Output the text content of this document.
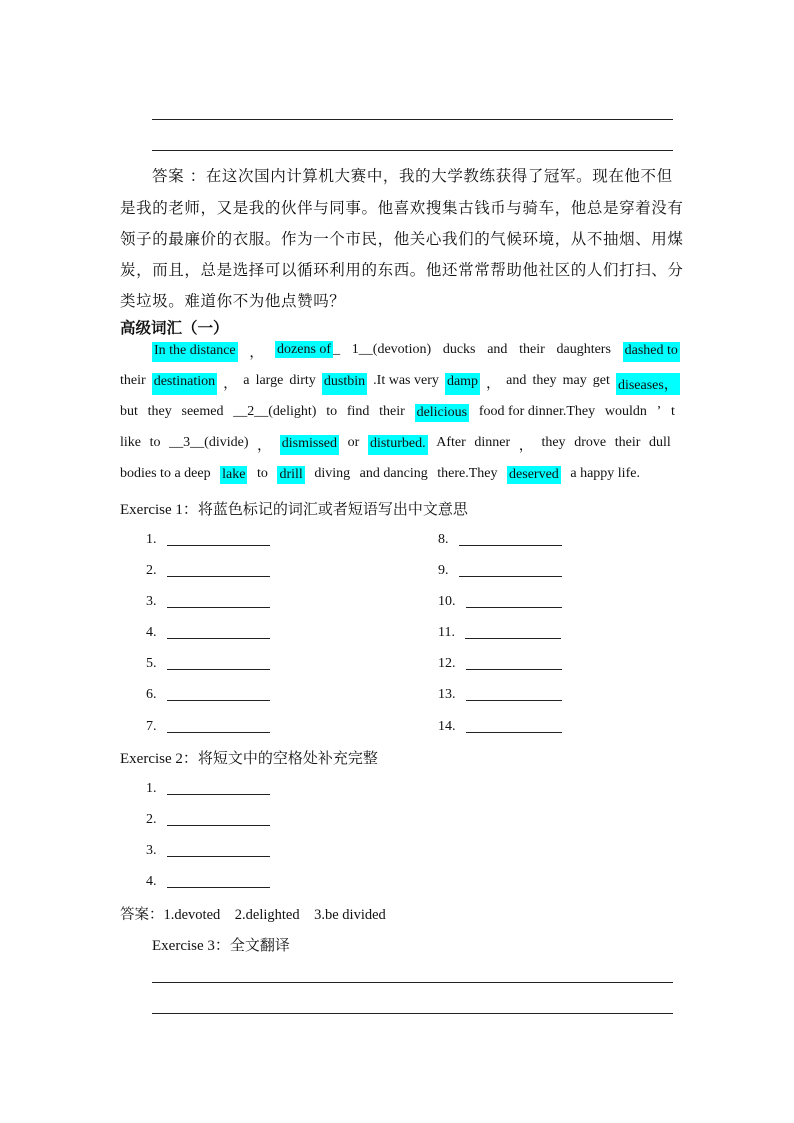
答案 ：在这次国内计算机大赛中，我的大学教练获得了冠军。现在他不但
是我的老师，又是我的伙伴与同事。他喜欢搜集古钱币与骑车，他总是穿着没有
领子的最廉价的衣服。作为一个市民，他关心我们的气候环境，从不抽烟、用煤
炭，而且，总是选择可以循环利用的东西。他还常常帮助他社区的人们打扫、分
类垃圾。难道你不为他点赞吗？
高级词汇（一）
In the distance ， dozens of _ 1__(devotion) ducks and their daughters dashed to
their destination ， a large dirty dustbin .It was very damp ， and they may get diseases，
but they seemed __2__(delight) to find their delicious food for dinner.They wouldn ’ t
like to __3__(divide) ， dismissed or disturbed. After dinner ， they drove their dull
bodies to a deep lake to drill diving and dancing there.They deserved a happy life.
Exercise 1：将蓝色标记的词汇或者短语写出中文意思
1.
2.
3.
4.
5.
6.
7.
8.
9.
10.
11.
12.
13.
14.
Exercise 2：将短文中的空格处补充完整
1.
2.
3.
4.
答案：1.devoted    2.delighted    3.be divided
Exercise 3：全文翻译
